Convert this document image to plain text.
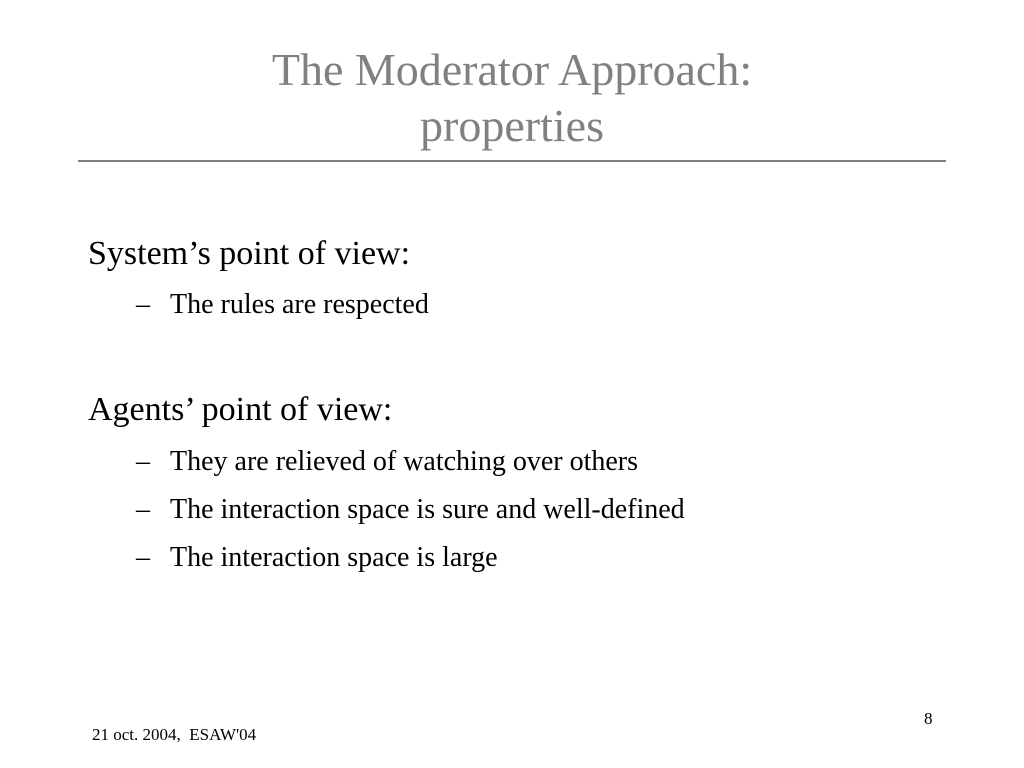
The Moderator Approach:
properties
System’s point of view:
– The rules are respected
Agents’ point of view:
– They are relieved of watching over others
– The interaction space is sure and well-defined
– The interaction space is large
21 oct. 2004,  ESAW'04
8
